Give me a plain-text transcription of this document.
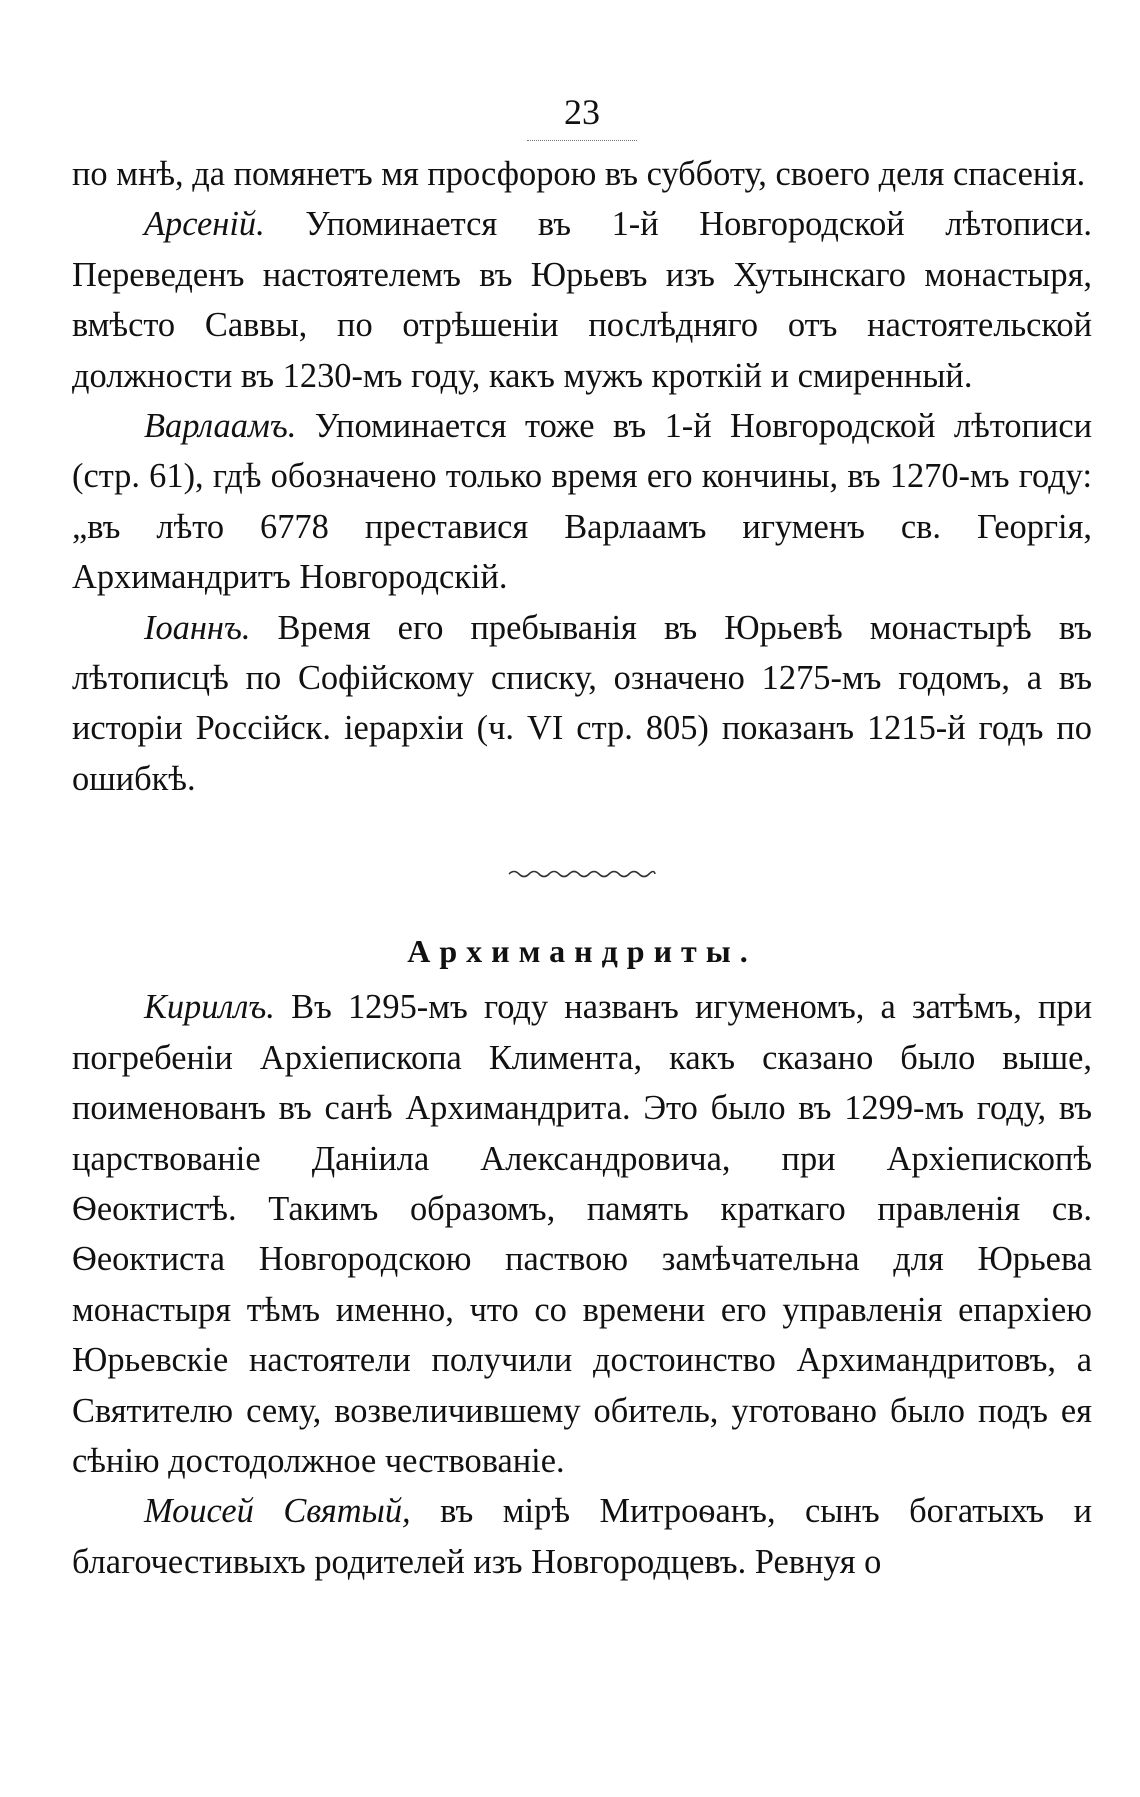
23

по мнѣ, да помянетъ мя просфорою въ субботу, своего деля спасенія.

Арсеній. Упоминается въ 1-й Новгородской лѣтописи. Переведенъ настоятелемъ въ Юрьевъ изъ Хутынскаго монастыря, вмѣсто Саввы, по отрѣшеніи послѣдняго отъ настоятельской должности въ 1230-мъ году, какъ мужъ кроткій и смиренный.

Варлаамъ. Упоминается тоже въ 1-й Новгородской лѣтописи (стр. 61), гдѣ обозначено только время его кончины, въ 1270-мъ году: „въ лѣто 6778 преставися Варлаамъ игуменъ св. Георгія, Архимандритъ Новгородскій.

Іоаннъ. Время его пребыванія въ Юрьевѣ монастырѣ въ лѣтописцѣ по Софійскому списку, означено 1275-мъ годомъ, а въ исторіи Россійск. іерархіи (ч. VI стр. 805) показанъ 1215-й годъ по ошибкѣ.

Архимандриты.

Кириллъ. Въ 1295-мъ году названъ игуменомъ, а затѣмъ, при погребеніи Архіепископа Климента, какъ сказано было выше, поименованъ въ санѣ Архимандрита. Это было въ 1299-мъ году, въ царствованіе Даніила Александровича, при Архіепископѣ Ѳеоктистѣ. Такимъ образомъ, память краткаго правленія св. Ѳеоктиста Новгородскою паствою замѣчательна для Юрьева монастыря тѣмъ именно, что со времени его управленія епархіею Юрьевскіе настоятели получили достоинство Архимандритовъ, а Святителю сему, возвеличившему обитель, уготовано было подъ ея сѣнію достодолжное чествованіе.

Моисей Святый, въ мірѣ Митроѳанъ, сынъ богатыхъ и благочестивыхъ родителей изъ Новгородцевъ. Ревнуя о
